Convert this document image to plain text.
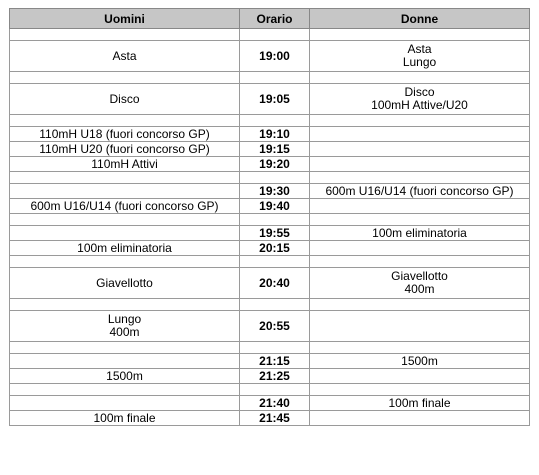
Uomini	Orario	Donne

Asta	19:00	Asta
Lungo

Disco	19:05	Disco
100mH Attive/U20

110mH U18 (fuori concorso GP)	19:10	

110mH U20 (fuori concorso GP)	19:15	

110mH Attivi	19:20	

	19:30	600m U16/U14 (fuori concorso GP)

600m U16/U14 (fuori concorso GP)	19:40	

	19:55	100m eliminatoria

100m eliminatoria	20:15	

Giavellotto	20:40	Giavellotto
400m

Lungo
400m	20:55	

	21:15	1500m

1500m	21:25	

	21:40	100m finale

100m finale	21:45	
